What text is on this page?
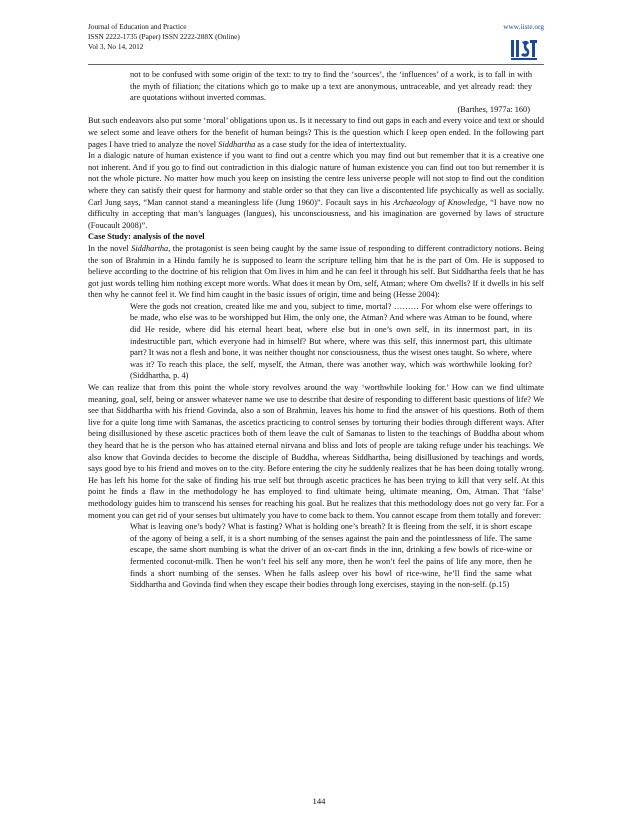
Journal of Education and Practice
ISSN 2222-1735 (Paper) ISSN 2222-288X (Online)
Vol 3, No 14, 2012
www.iiste.org

not to be confused with some origin of the text: to try to find the ‘sources’, the ‘influences’ of a work, is to fall in with the myth of filiation; the citations which go to make up a text are anonymous, untraceable, and yet already read: they are quotations without inverted commas.

(Barthes, 1977a: 160)

But such endeavors also put some ‘moral’ obligations upon us. Is it necessary to find out gaps in each and every voice and text or should we select some and leave others for the benefit of human beings? This is the question which I keep open ended. In the following part pages I have tried to analyze the novel Siddhartha as a case study for the idea of intertextuality.

In a dialogic nature of human existence if you want to find out a centre which you may find out but remember that it is a creative one not inherent. And if you go to find out contradiction in this dialogic nature of human existence you can find out too but remember it is not the whole picture. No matter how much you keep on insisting the centre less universe people will not stop to find out the condition where they can satisfy their quest for harmony and stable order so that they can live a discontented life psychically as well as socially. Carl Jung says, “Man cannot stand a meaningless life (Jung 1960)”. Focault says in his Archaeology of Knowledge, “I have now no difficulty in accepting that man’s languages (langues), his unconsciousness, and his imagination are governed by laws of structure (Foucault 2008)”.

Case Study: analysis of the novel

In the novel Siddhartha, the protagonist is seen being caught by the same issue of responding to different contradictory notions. Being the son of Brahmin in a Hindu family he is supposed to learn the scripture telling him that he is the part of Om. He is supposed to believe according to the doctrine of his religion that Om lives in him and he can feel it through his self. But Siddhartha feels that he has got just words telling him nothing except more words. What does it mean by Om, self, Atman; where Om dwells? If it dwells in his self then why he cannot feel it. We find him caught in the basic issues of origin, time and being (Hesse 2004):

Were the gods not creation, created like me and you, subject to time, mortal? ……… For whom else were offerings to be made, who else was to be worshipped but Him, the only one, the Atman? And where was Atman to be found, where did He reside, where did his eternal heart beat, where else but in one’s own self, in its innermost part, in its indestructible part, which everyone had in himself? But where, where was this self, this innermost part, this ultimate part? It was not a flesh and bone, it was neither thought nor consciousness, thus the wisest ones taught. So where, where was it? To reach this place, the self, myself, the Atman, there was another way, which was worthwhile looking for? (Siddhartha, p. 4)

We can realize that from this point the whole story revolves around the way ‘worthwhile looking for.’ How can we find ultimate meaning, goal, self, being or answer whatever name we use to describe that desire of responding to different basic questions of life? We see that Siddhartha with his friend Govinda, also a son of Brahmin, leaves his home to find the answer of his questions. Both of them live for a quite long time with Samanas, the ascetics practicing to control senses by torturing their bodies through different ways. After being disillusioned by these ascetic practices both of them leave the cult of Samanas to listen to the teachings of Buddha about whom they heard that he is the person who has attained eternal nirvana and bliss and lots of people are taking refuge under his teachings. We also know that Govinda decides to become the disciple of Buddha, whereas Siddhartha, being disillusioned by teachings and words, says good bye to his friend and moves on to the city. Before entering the city he suddenly realizes that he has been doing totally wrong. He has left his home for the sake of finding his true self but through ascetic practices he has been trying to kill that very self. At this point he finds a flaw in the methodology he has employed to find ultimate being, ultimate meaning, Om, Atman. That ‘false’ methodology guides him to transcend his senses for reaching his goal. But he realizes that this methodology does not go very far. For a moment you can get rid of your senses but ultimately you have to come back to them. You cannot escape from them totally and forever:

What is leaving one’s body? What is fasting? What is holding one’s breath? It is fleeing from the self, it is short escape of the agony of being a self, it is a short numbing of the senses against the pain and the pointlessness of life. The same escape, the same short numbing is what the driver of an ox-cart finds in the inn, drinking a few bowls of rice-wine or fermented coconut-milk. Then he won’t feel his self any more, then he won’t feel the pains of life any more, then he finds a short numbing of the senses. When he falls asleep over his bowl of rice-wine, he’ll find the same what Siddhartha and Govinda find when they escape their bodies through long exercises, staying in the non-self. (p.15)

144
